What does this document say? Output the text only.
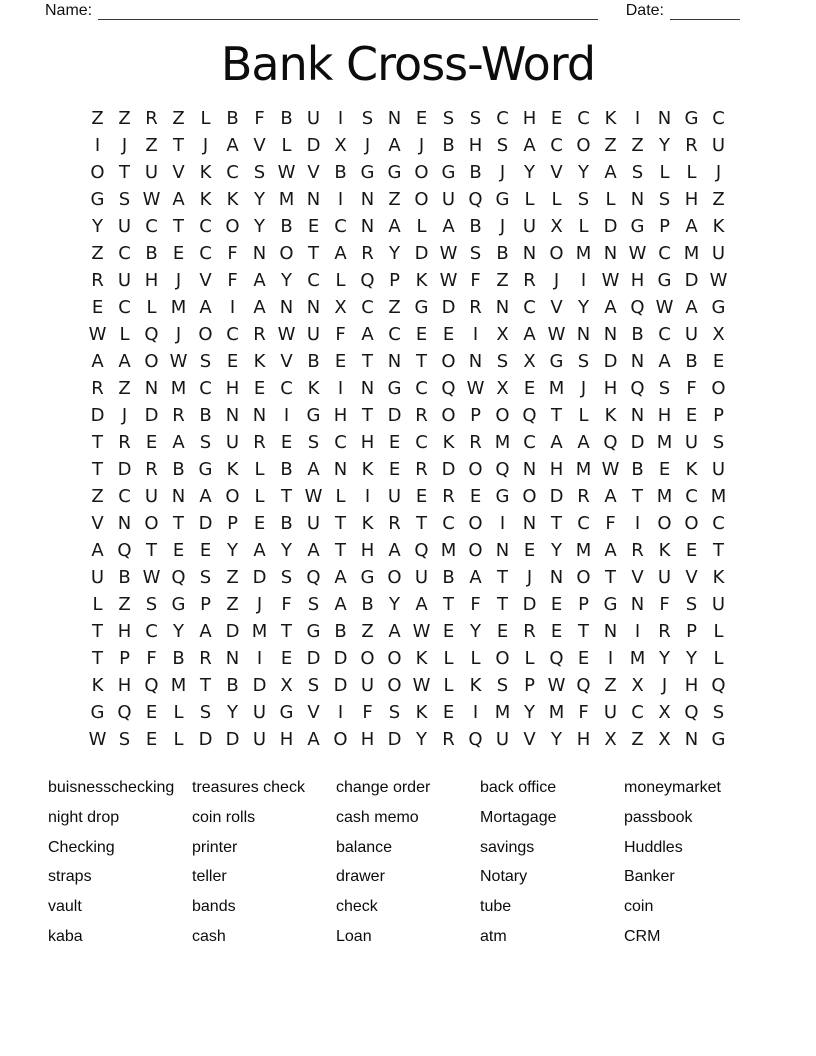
Name:	Date:
Bank Cross-Word
Z Z R Z L B F B U I	S N E S S C H E C K	I N G C
I	J	Z T	J	A V L D X	J	A	J	B H S A C O Z Z Y R U
O T U V K C S W V B G G O G B	J	Y V Y A S L L	J
G S W A K K Y M N I N Z O U Q G L L S L N S H Z
Y U C T C O Y B E C N A L A B	J U X L D G P A K
Z C B E C F N O T A R Y D W S B N O M N W C M U
R U H J	V F A Y C L Q P K W F Z R	J	I W H G D W
E C L M A	I	A N N X C Z G D R N C V Y A Q W A G
W L Q J O C R W U F A C E E	I	X A W N N B C U X
A A O W S E K V B E T N T O N S X G S D N A B E
R Z N M C H E C K	I N G C Q W X E M J H Q S F O
D J D R B N N I G H T D R O P O Q T L K N H E P
T R E A S U R E S C H E C K R M C A A Q D M U S
T D R B G K L B A N K E R D O Q N H M W B E K U
Z C U N A O L T W L	I U E R E G O D R A T M C M
V N O T D P E B U T K R T C O I N T C F	I O O C
A Q T E E Y A Y A T H A Q M O N E Y M A R K E T
U B W Q S Z D S Q A G O U B A T	J N O T V U V K
L Z S G P Z	J	F S A B Y A T F T D E P G N F S U
T H C Y A D M T G B Z A W E Y E R E T N I	R P L
T P F B R N I	E D D O O K L L O L Q E	I M Y Y L
K H Q M T B D X S D U O W L K S P W Q Z X	J H Q
G Q E L S Y U G V	I	F S K E	I M Y M F U C X Q S
W S E L D D U H A O H D Y R Q U V Y H X Z X N G
buisnesschecking
night drop
Checking
straps
vault
kaba
treasures check
coin rolls
printer
teller
bands
cash
change order
cash memo
balance
drawer
check
Loan
back office
Mortagage
savings
Notary
tube
atm
moneymarket
passbook
Huddles
Banker
coin
CRM
